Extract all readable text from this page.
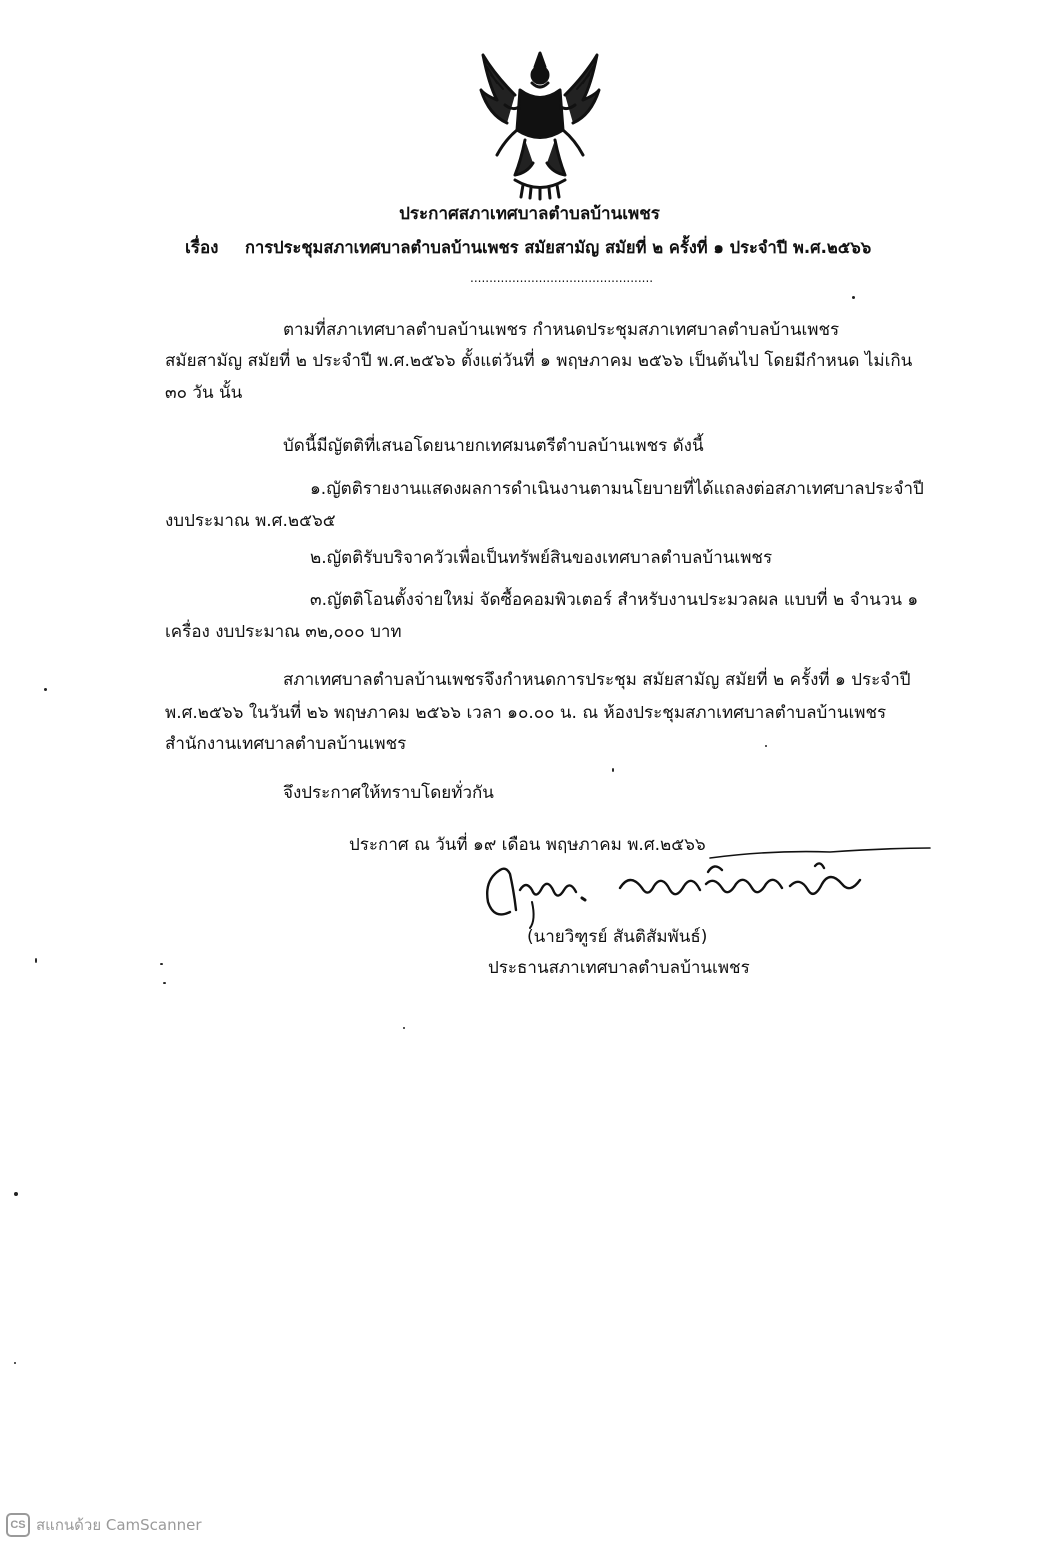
ประกาศสภาเทศบาลตำบลบ้านเพชร
เรื่อง การประชุมสภาเทศบาลตำบลบ้านเพชร สมัยสามัญ สมัยที่ ๒ ครั้งที่ ๑ ประจำปี พ.ศ.๒๕๖๖
................................................
ตามที่สภาเทศบาลตำบลบ้านเพชร กำหนดประชุมสภาเทศบาลตำบลบ้านเพชร
สมัยสามัญ สมัยที่ ๒ ประจำปี พ.ศ.๒๕๖๖ ตั้งแต่วันที่ ๑ พฤษภาคม ๒๕๖๖ เป็นต้นไป โดยมีกำหนด ไม่เกิน
๓๐ วัน นั้น
บัดนี้มีญัตติที่เสนอโดยนายกเทศมนตรีตำบลบ้านเพชร ดังนี้
๑.ญัตติรายงานแสดงผลการดำเนินงานตามนโยบายที่ได้แถลงต่อสภาเทศบาลประจำปี
งบประมาณ พ.ศ.๒๕๖๕
๒.ญัตติรับบริจาควัวเพื่อเป็นทรัพย์สินของเทศบาลตำบลบ้านเพชร
๓.ญัตติโอนตั้งจ่ายใหม่ จัดซื้อคอมพิวเตอร์ สำหรับงานประมวลผล แบบที่ ๒ จำนวน ๑
เครื่อง งบประมาณ ๓๒,๐๐๐ บาท
สภาเทศบาลตำบลบ้านเพชรจึงกำหนดการประชุม สมัยสามัญ สมัยที่ ๒ ครั้งที่ ๑ ประจำปี
พ.ศ.๒๕๖๖ ในวันที่ ๒๖ พฤษภาคม ๒๕๖๖ เวลา ๑๐.๐๐ น. ณ ห้องประชุมสภาเทศบาลตำบลบ้านเพชร
สำนักงานเทศบาลตำบลบ้านเพชร
จึงประกาศให้ทราบโดยทั่วกัน
ประกาศ ณ วันที่ ๑๙ เดือน พฤษภาคม พ.ศ.๒๕๖๖
(นายวิฑูรย์ สันติสัมพันธ์)
ประธานสภาเทศบาลตำบลบ้านเพชร
CS สแกนด้วย CamScanner
